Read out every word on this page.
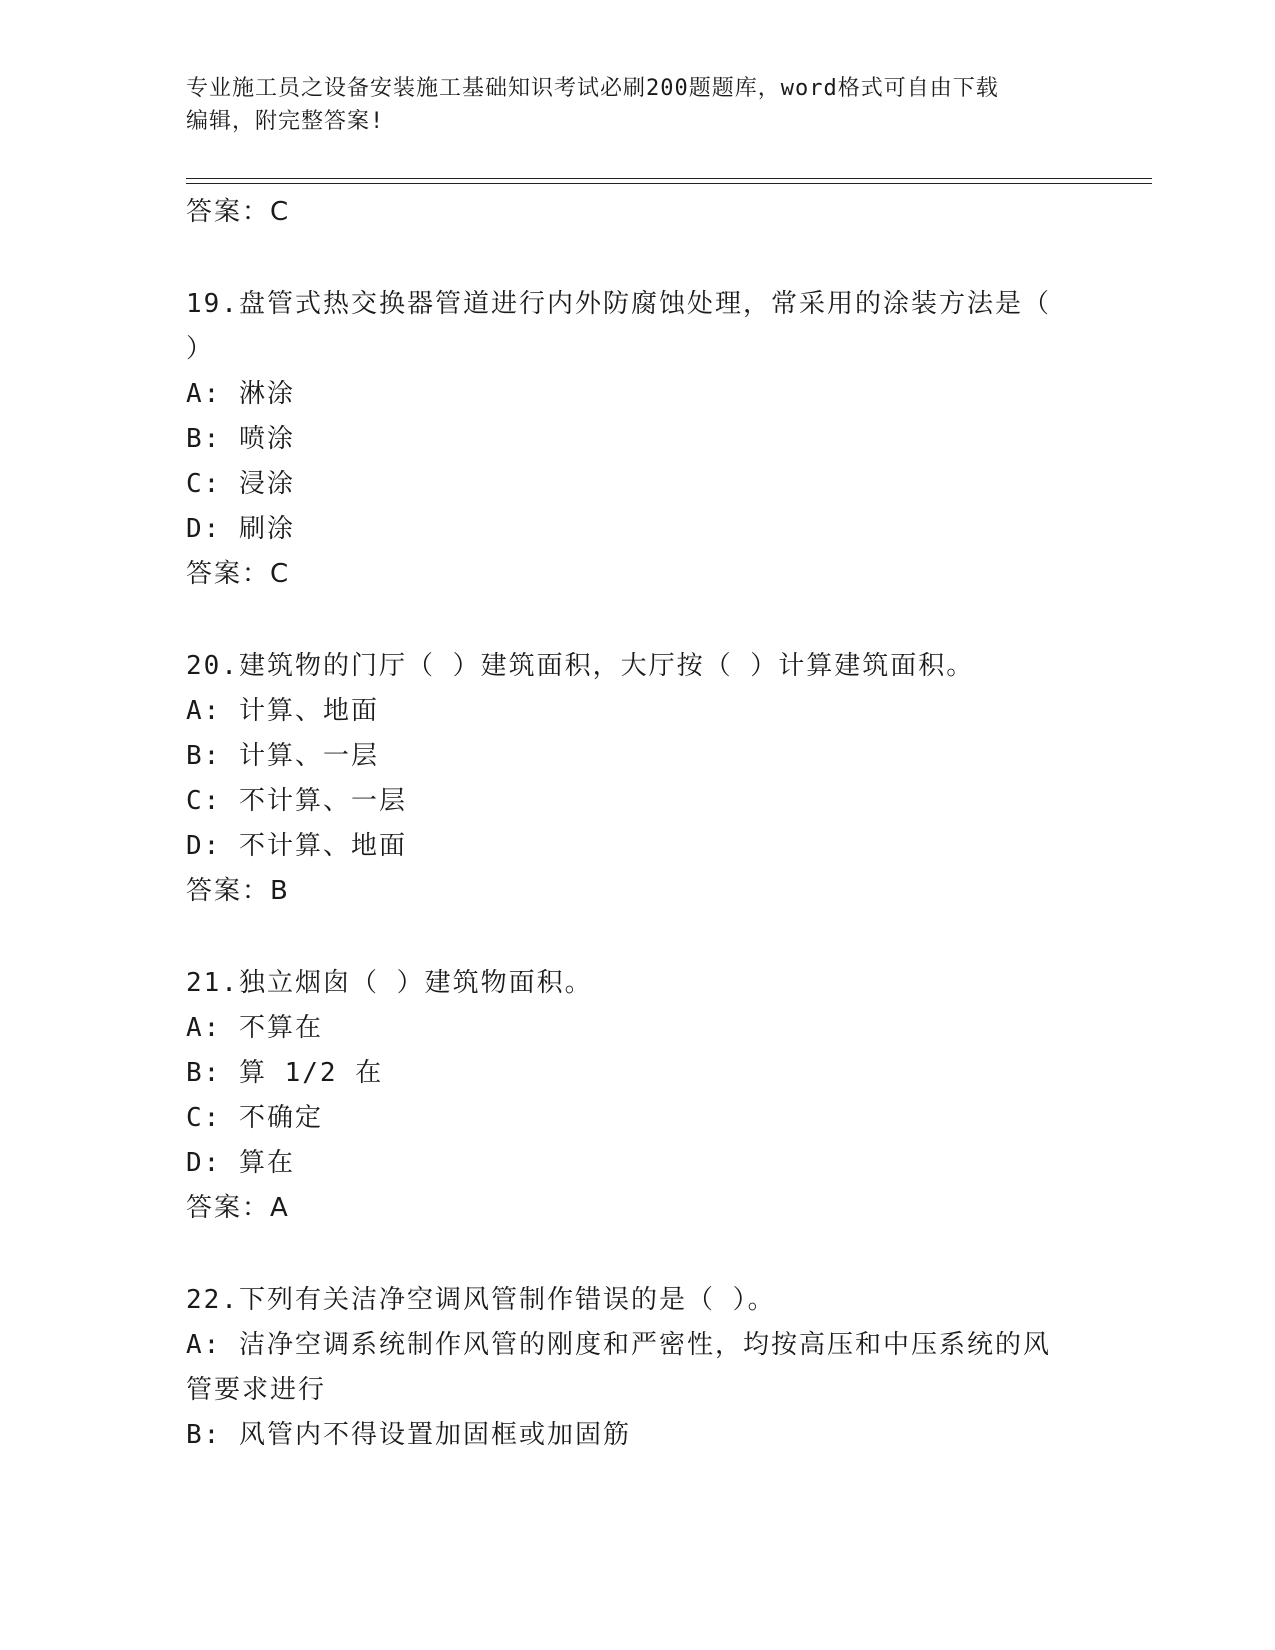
专业施工员之设备安装施工基础知识考试必刷200题题库，word格式可自由下载
编辑，附完整答案!
答案：C
19.盘管式热交换器管道进行内外防腐蚀处理，常采用的涂装方法是（
）
A: 淋涂
B: 喷涂
C: 浸涂
D: 刷涂
答案：C
20.建筑物的门厅（ ）建筑面积，大厅按（ ）计算建筑面积。
A: 计算、地面
B: 计算、一层
C: 不计算、一层
D: 不计算、地面
答案：B
21.独立烟囱（ ）建筑物面积。
A: 不算在
B: 算 1/2 在
C: 不确定
D: 算在
答案：A
22.下列有关洁净空调风管制作错误的是（ ）。
A: 洁净空调系统制作风管的刚度和严密性，均按高压和中压系统的风
管要求进行
B: 风管内不得设置加固框或加固筋
